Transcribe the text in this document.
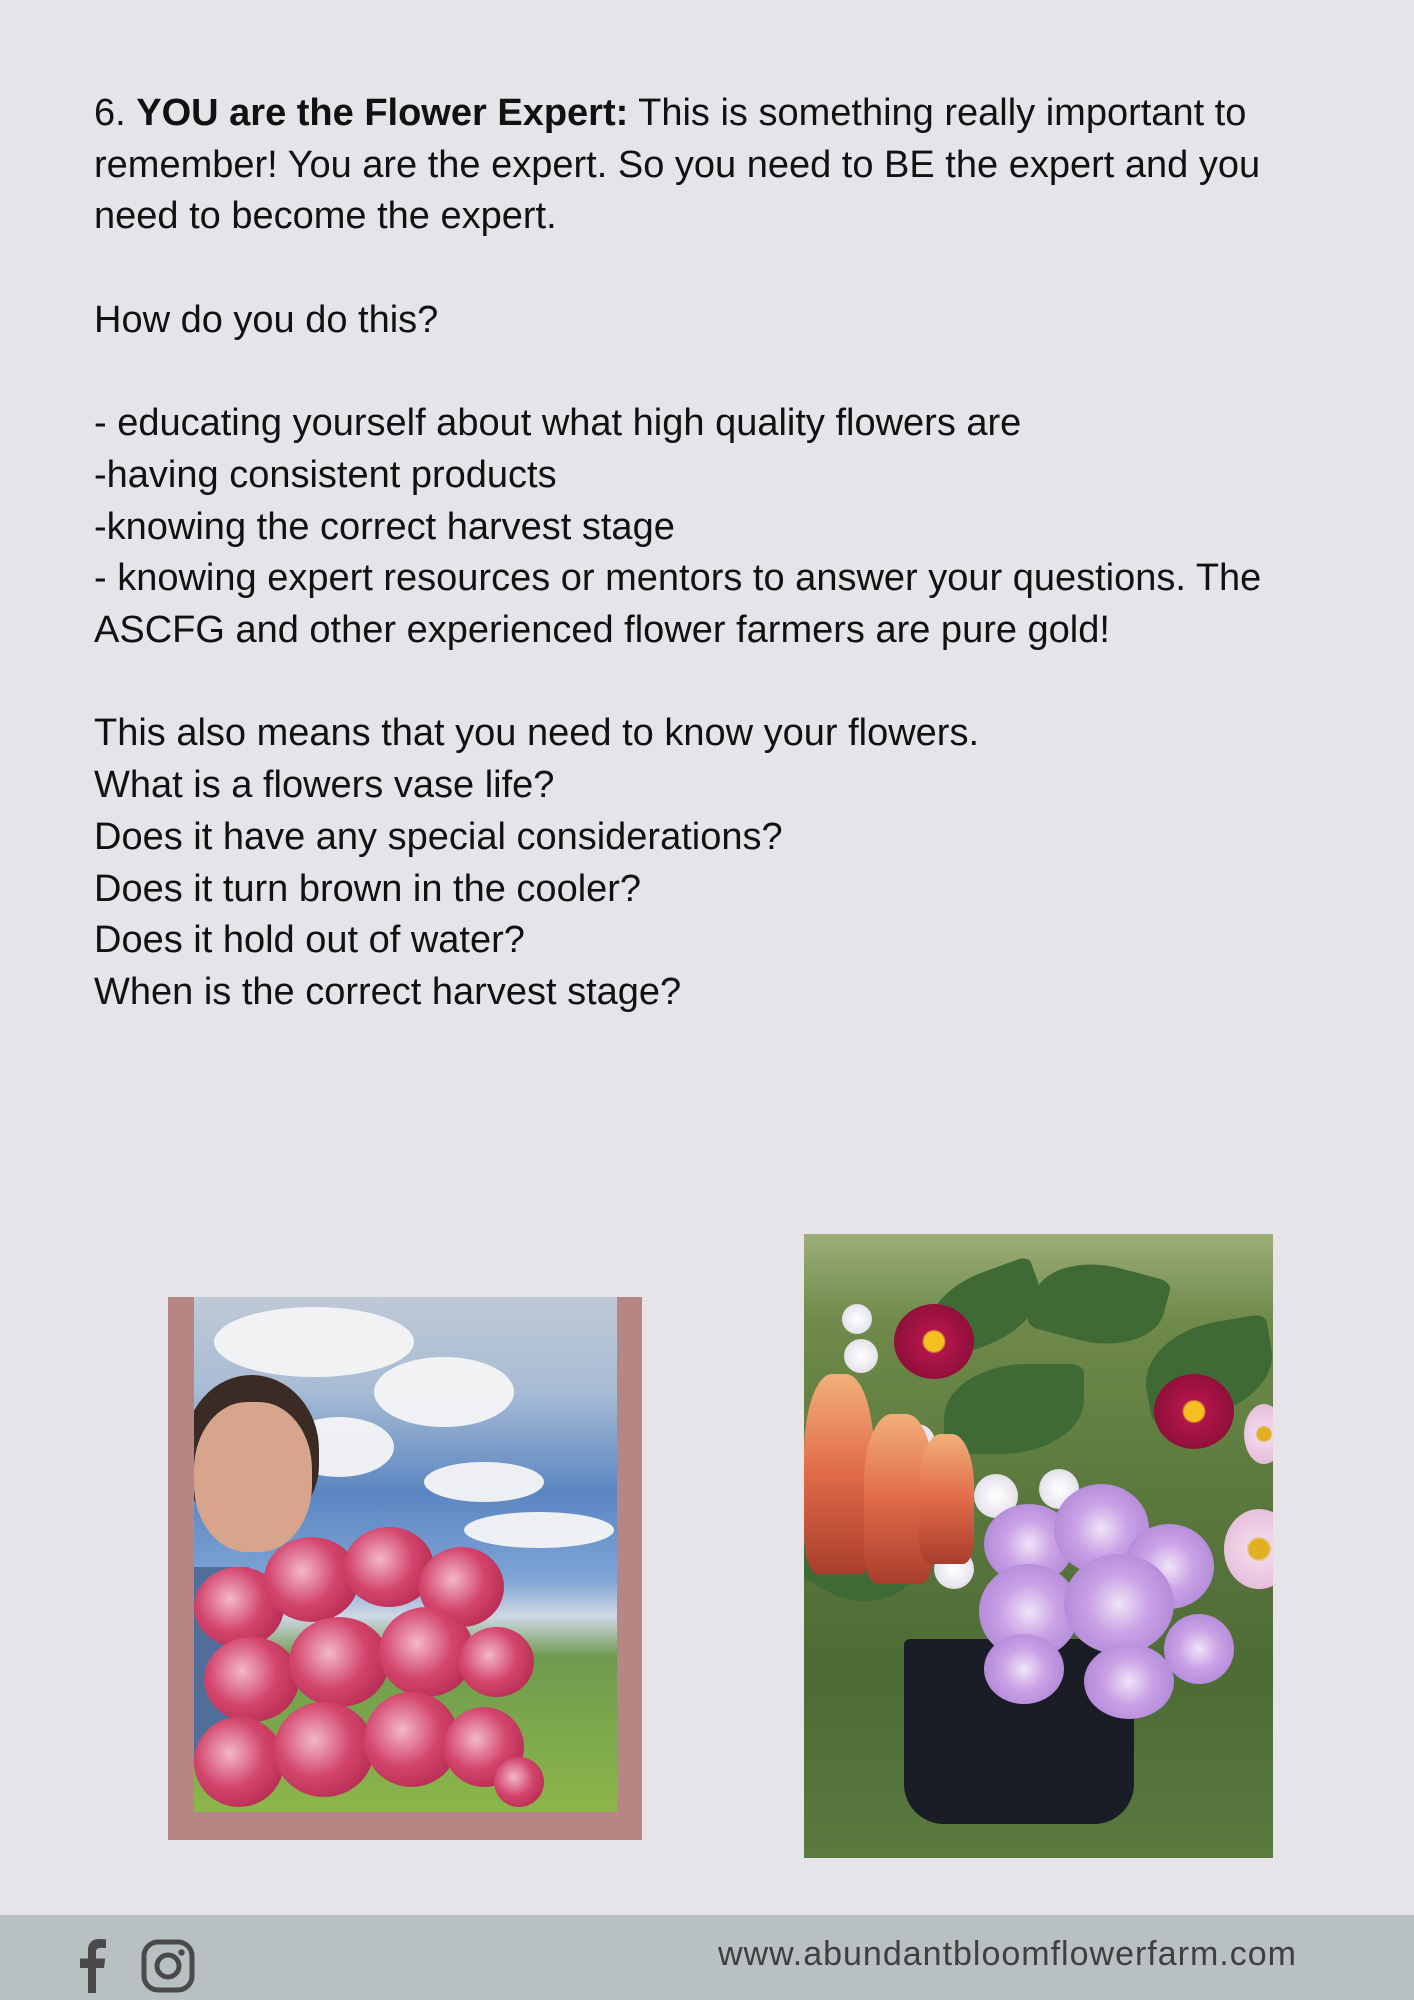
6. YOU are the Flower Expert: This is something really important to remember! You are the expert. So you need to BE the expert and you need to become the expert.

How do you do this?

- educating yourself about what high quality flowers are

-having consistent products

-knowing the correct harvest stage

- knowing expert resources or mentors to answer your questions. The ASCFG and other experienced flower farmers are pure gold!

This also means that you need to know your flowers.

What is a flowers vase life?

Does it have any special considerations?

Does it turn brown in the cooler?

Does it hold out of water?

When is the correct harvest stage?

www.abundantbloomflowerfarm.com
